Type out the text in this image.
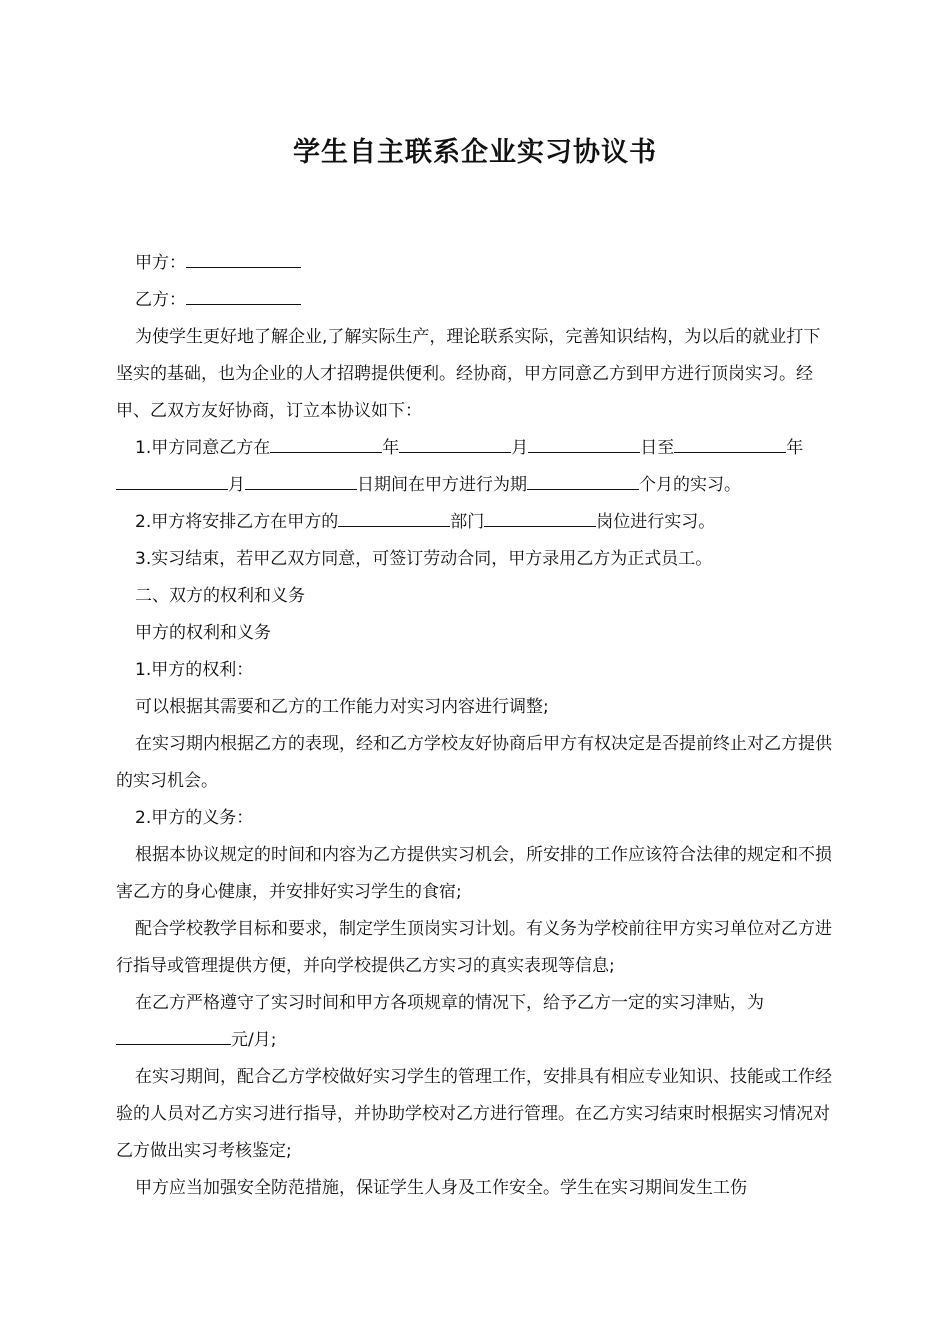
学生自主联系企业实习协议书

甲方：

乙方：

为使学生更好地了解企业,了解实际生产，理论联系实际，完善知识结构，为以后的就业打下坚实的基础，也为企业的人才招聘提供便利。经协商，甲方同意乙方到甲方进行顶岗实习。经甲、乙双方友好协商，订立本协议如下：

1.甲方同意乙方在	年	月	日至	年月	日期间在甲方进行为期	个月的实习。

2.甲方将安排乙方在甲方的	部门	岗位进行实习。

3.实习结束，若甲乙双方同意，可签订劳动合同，甲方录用乙方为正式员工。

二、双方的权利和义务

甲方的权利和义务

1.甲方的权利：

可以根据其需要和乙方的工作能力对实习内容进行调整;

在实习期内根据乙方的表现，经和乙方学校友好协商后甲方有权决定是否提前终止对乙方提供的实习机会。

2.甲方的义务：

根据本协议规定的时间和内容为乙方提供实习机会，所安排的工作应该符合法律的规定和不损害乙方的身心健康，并安排好实习学生的食宿;

配合学校教学目标和要求，制定学生顶岗实习计划。有义务为学校前往甲方实习单位对乙方进行指导或管理提供方便，并向学校提供乙方实习的真实表现等信息;

在乙方严格遵守了实习时间和甲方各项规章的情况下，给予乙方一定的实习津贴，为元/月;

在实习期间，配合乙方学校做好实习学生的管理工作，安排具有相应专业知识、技能或工作经验的人员对乙方实习进行指导，并协助学校对乙方进行管理。在乙方实习结束时根据实习情况对乙方做出实习考核鉴定;

甲方应当加强安全防范措施，保证学生人身及工作安全。学生在实习期间发生工伤
